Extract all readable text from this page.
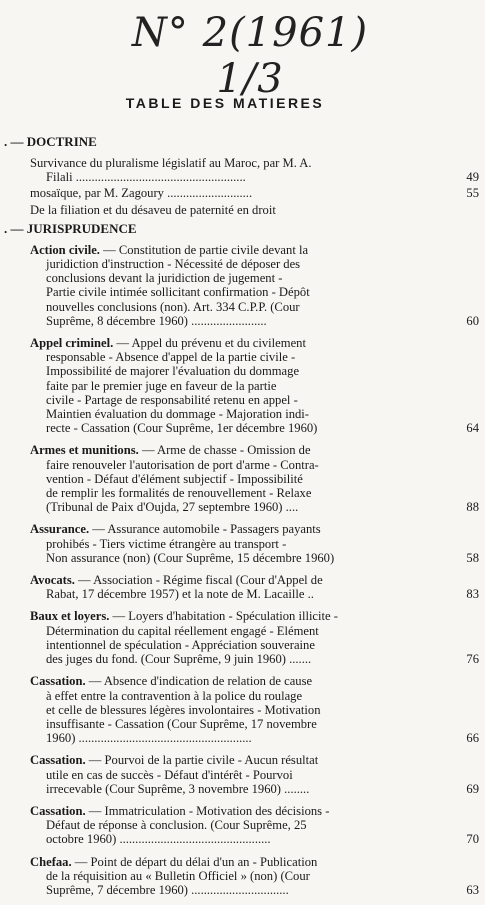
N° 2(1961) 1/3
TABLE DES MATIERES
. — DOCTRINE
Survivance du pluralisme législatif au Maroc, par M. A.
Filali ......................................................	49
mosaïque, par M. Zagoury ...........................	55
De la filiation et du désaveu de paternité en droit
. — JURISPRUDENCE
Action civile. — Constitution de partie civile devant la
juridiction d'instruction - Nécessité de déposer des
conclusions devant la juridiction de jugement -
Partie civile intimée sollicitant confirmation - Dépôt
nouvelles conclusions (non). Art. 334 C.P.P. (Cour
Suprême, 8 décembre 1960) ........................	60
Appel criminel. — Appel du prévenu et du civilement
responsable - Absence d'appel de la partie civile -
Impossibilité de majorer l'évaluation du dommage
faite par le premier juge en faveur de la partie
civile - Partage de responsabilité retenu en appel -
Maintien évaluation du dommage - Majoration indi-
recte - Cassation (Cour Suprême, 1er décembre 1960)	64
Armes et munitions. — Arme de chasse - Omission de
faire renouveler l'autorisation de port d'arme - Contra-
vention - Défaut d'élément subjectif - Impossibilité
de remplir les formalités de renouvellement - Relaxe
(Tribunal de Paix d'Oujda, 27 septembre 1960) ....	88
Assurance. — Assurance automobile - Passagers payants
prohibés - Tiers victime étrangère au transport -
Non assurance (non) (Cour Suprême, 15 décembre 1960)	58
Avocats. — Association - Régime fiscal (Cour d'Appel de
Rabat, 17 décembre 1957) et la note de M. Lacaille ..	83
Baux et loyers. — Loyers d'habitation - Spéculation illicite -
Détermination du capital réellement engagé - Elément
intentionnel de spéculation - Appréciation souveraine
des juges du fond. (Cour Suprême, 9 juin 1960) .......	76
Cassation. — Absence d'indication de relation de cause
à effet entre la contravention à la police du roulage
et celle de blessures légères involontaires - Motivation
insuffisante - Cassation (Cour Suprême, 17 novembre
1960) .......................................................	66
Cassation. — Pourvoi de la partie civile - Aucun résultat
utile en cas de succès - Défaut d'intérêt - Pourvoi
irrecevable (Cour Suprême, 3 novembre 1960) ........	69
Cassation. — Immatriculation - Motivation des décisions -
Défaut de réponse à conclusion. (Cour Suprême, 25
octobre 1960) ................................................	70
Chefaa. — Point de départ du délai d'un an - Publication
de la réquisition au « Bulletin Officiel » (non) (Cour
Suprême, 7 décembre 1960) ...............................	63
